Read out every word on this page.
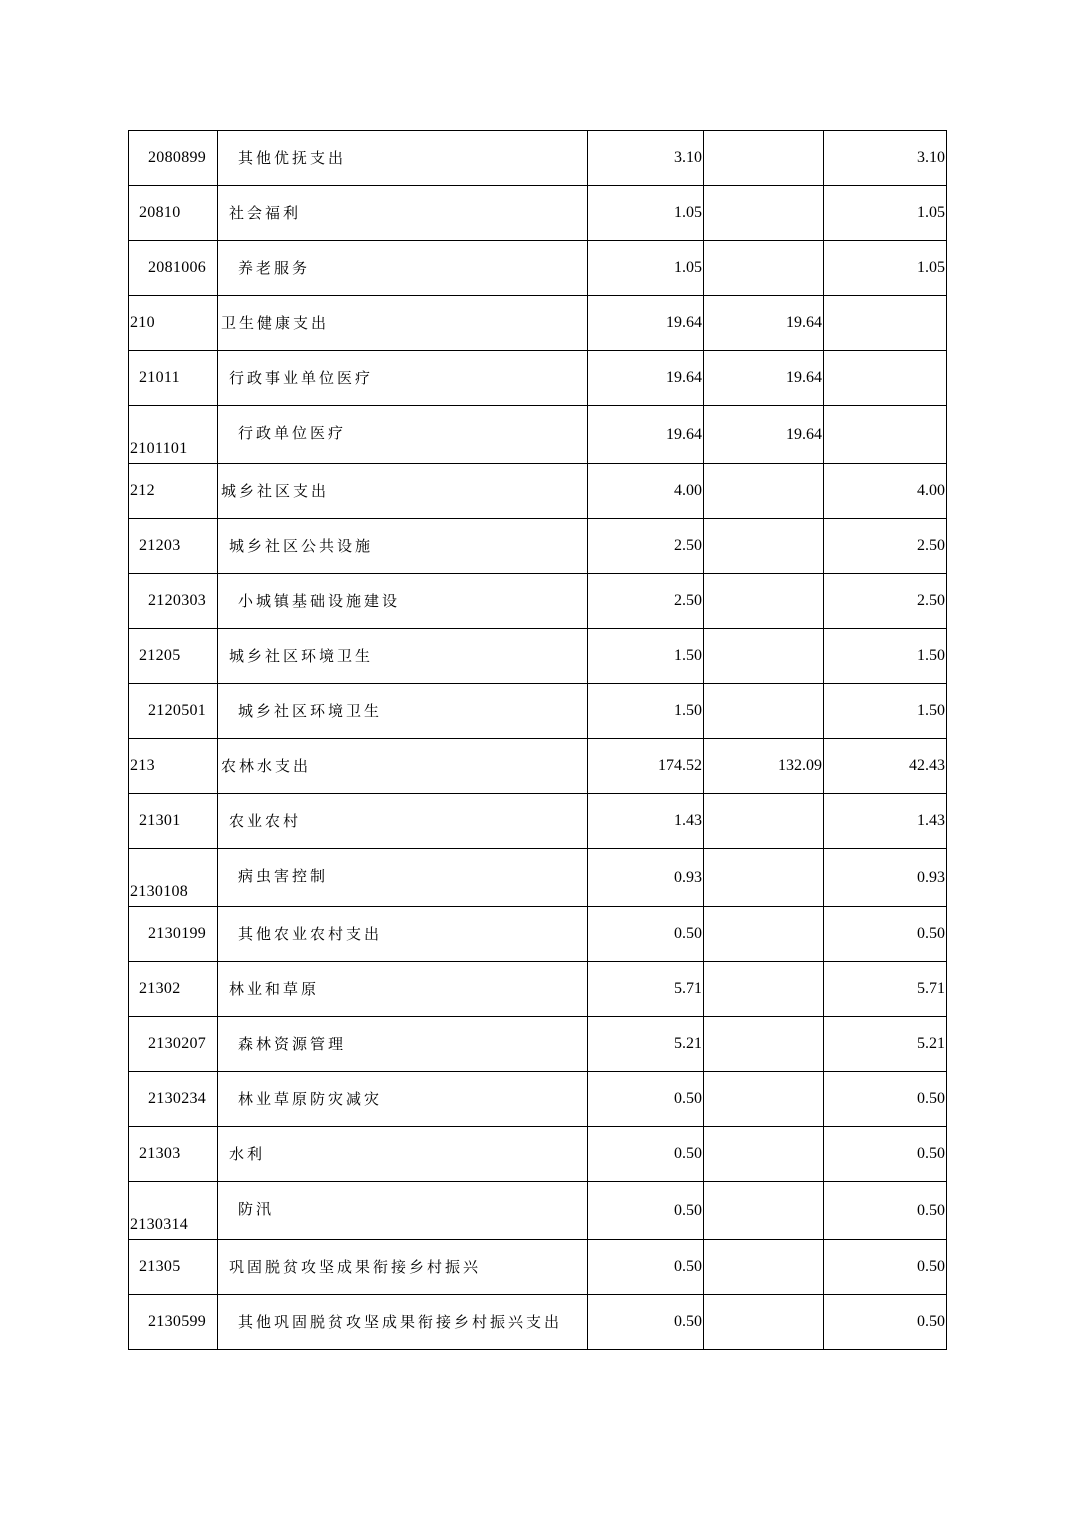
2080899	其他优抚支出	3.10		3.10
20810	社会福利	1.05		1.05
2081006	养老服务	1.05		1.05
210	卫生健康支出	19.64	19.64	
21011	行政事业单位医疗	19.64	19.64	
2101101	行政单位医疗	19.64	19.64	
212	城乡社区支出	4.00		4.00
21203	城乡社区公共设施	2.50		2.50
2120303	小城镇基础设施建设	2.50		2.50
21205	城乡社区环境卫生	1.50		1.50
2120501	城乡社区环境卫生	1.50		1.50
213	农林水支出	174.52	132.09	42.43
21301	农业农村	1.43		1.43
2130108	病虫害控制	0.93		0.93
2130199	其他农业农村支出	0.50		0.50
21302	林业和草原	5.71		5.71
2130207	森林资源管理	5.21		5.21
2130234	林业草原防灾减灾	0.50		0.50
21303	水利	0.50		0.50
2130314	防汛	0.50		0.50
21305	巩固脱贫攻坚成果衔接乡村振兴	0.50		0.50
2130599	其他巩固脱贫攻坚成果衔接乡村振兴支出	0.50		0.50
